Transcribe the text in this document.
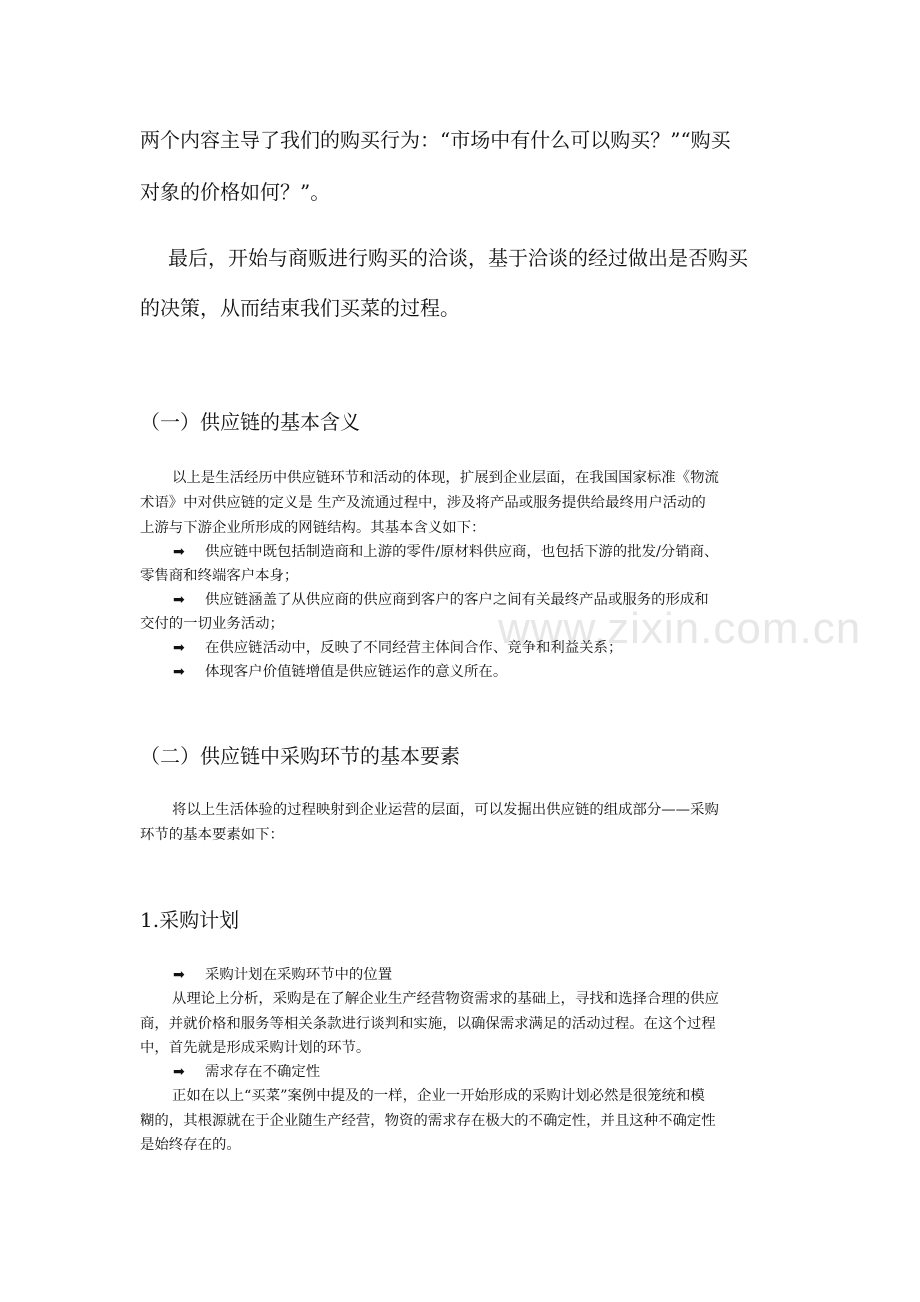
www.zixin.com.cn
两个内容主导了我们的购买行为：“市场中有什么可以购买？”“购买
对象的价格如何？”。
最后，开始与商贩进行购买的洽谈，基于洽谈的经过做出是否购买
的决策，从而结束我们买菜的过程。
（一）供应链的基本含义
以上是生活经历中供应链环节和活动的体现，扩展到企业层面，在我国国家标准《物流
术语》中对供应链的定义是 生产及流通过程中，涉及将产品或服务提供给最终用户活动的
上游与下游企业所形成的网链结构。其基本含义如下：
➡ 供应链中既包括制造商和上游的零件/原材料供应商，也包括下游的批发/分销商、
零售商和终端客户本身；
➡ 供应链涵盖了从供应商的供应商到客户的客户之间有关最终产品或服务的形成和
交付的一切业务活动；
➡ 在供应链活动中，反映了不同经营主体间合作、竞争和利益关系；
➡ 体现客户价值链增值是供应链运作的意义所在。
（二）供应链中采购环节的基本要素
将以上生活体验的过程映射到企业运营的层面，可以发掘出供应链的组成部分——采购
环节的基本要素如下：
1.采购计划
➡ 采购计划在采购环节中的位置
从理论上分析，采购是在了解企业生产经营物资需求的基础上，寻找和选择合理的供应
商，并就价格和服务等相关条款进行谈判和实施，以确保需求满足的活动过程。在这个过程
中，首先就是形成采购计划的环节。
➡ 需求存在不确定性
正如在以上“买菜”案例中提及的一样，企业一开始形成的采购计划必然是很笼统和模
糊的，其根源就在于企业随生产经营，物资的需求存在极大的不确定性，并且这种不确定性
是始终存在的。
